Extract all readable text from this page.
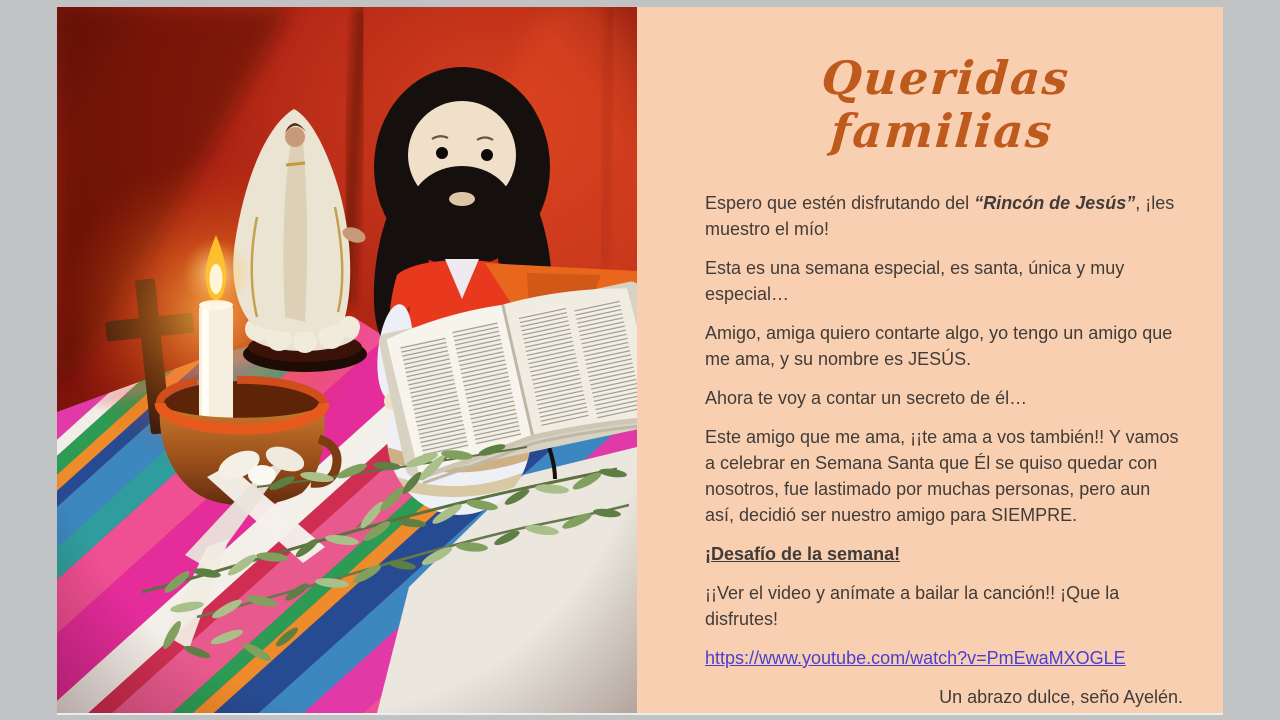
Queridas familias

Espero que estén disfrutando del “Rincón de Jesús”, ¡les muestro el mío!

Esta es una semana especial, es santa, única y muy especial…

Amigo, amiga quiero contarte algo, yo tengo un amigo que me ama, y su nombre es JESÚS.

Ahora te voy a contar un secreto de él…

Este amigo que me ama, ¡¡te ama a vos también!! Y vamos a celebrar en Semana Santa que Él se quiso quedar con nosotros, fue lastimado por muchas personas, pero aun así, decidió ser nuestro amigo para SIEMPRE.

¡Desafío de la semana!

¡¡Ver el video y anímate a bailar la canción!! ¡Que la disfrutes!

https://www.youtube.com/watch?v=PmEwaMXOGLE

Un abrazo dulce, seño Ayelén.
